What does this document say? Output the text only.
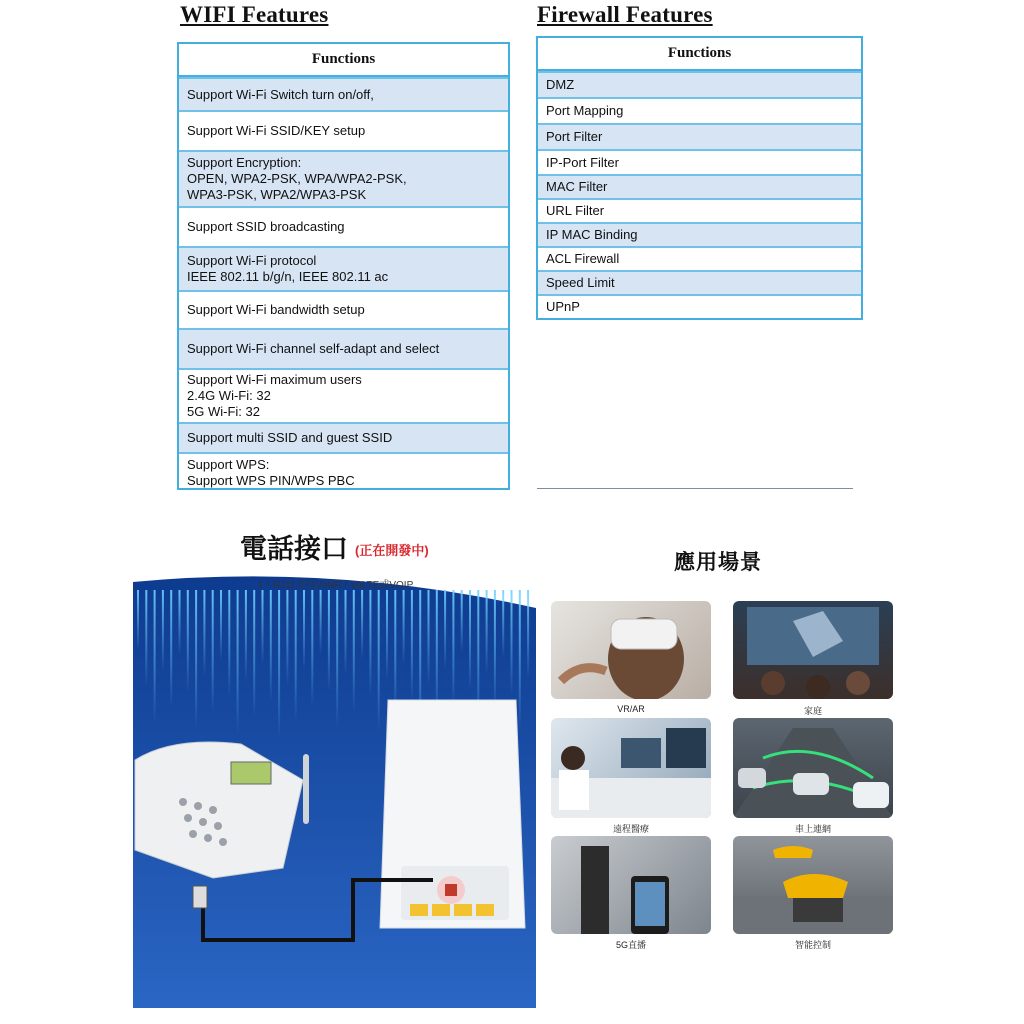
WIFI Features
Functions
Support Wi-Fi Switch turn on/off,
Support Wi-Fi SSID/KEY setup
Support Encryption:
OPEN, WPA2-PSK, WPA/WPA2-PSK,
WPA3-PSK, WPA2/WPA3-PSK
Support SSID broadcasting
Support Wi-Fi protocol
IEEE 802.11 b/g/n, IEEE 802.11 ac
Support Wi-Fi bandwidth setup
Support Wi-Fi channel self-adapt and select
Support Wi-Fi maximum users
2.4G Wi-Fi: 32
5G Wi-Fi: 32
Support multi SSID and guest SSID
Support WPS:
Support WPS PIN/WPS PBC
Firewall Features
Functions
DMZ
Port Mapping
Port Filter
IP-Port Filter
MAC Filter
URL Filter
IP MAC Binding
ACL Firewall
Speed Limit
UPnP
電話接口 (正在開發中)
1 * RJ11支持VoNR / VoLTE或VOIP
應用場景
VR/AR	家庭
遠程醫療	車上連網
5G直播	智能控制
